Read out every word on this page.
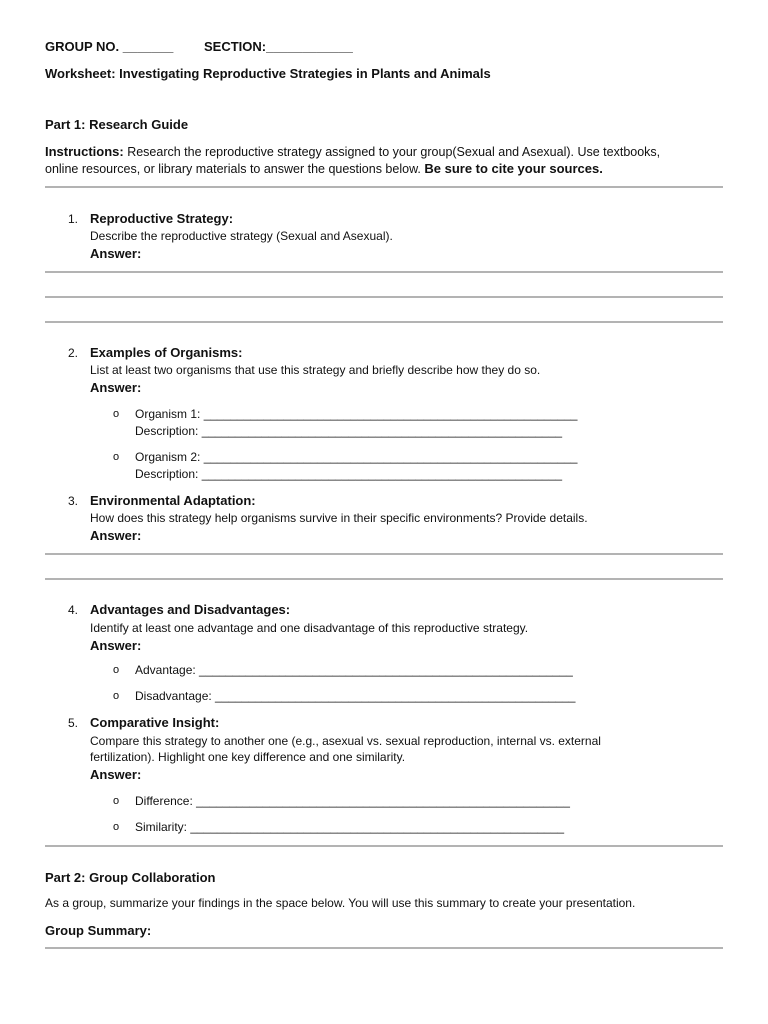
GROUP NO. _______ SECTION:____________
Worksheet: Investigating Reproductive Strategies in Plants and Animals
Part 1: Research Guide
Instructions: Research the reproductive strategy assigned to your group(Sexual and Asexual). Use textbooks,
online resources, or library materials to answer the questions below. Be sure to cite your sources.
1. Reproductive Strategy:
Describe the reproductive strategy (Sexual and Asexual).
Answer:
2. Examples of Organisms:
List at least two organisms that use this strategy and briefly describe how they do so.
Answer:
o Organism 1: ________________________________________________________
Description: ______________________________________________________
o Organism 2: ________________________________________________________
Description: ______________________________________________________
3. Environmental Adaptation:
How does this strategy help organisms survive in their specific environments? Provide details.
Answer:
4. Advantages and Disadvantages:
Identify at least one advantage and one disadvantage of this reproductive strategy.
Answer:
o Advantage: ________________________________________________________
o Disadvantage: ______________________________________________________
5. Comparative Insight:
Compare this strategy to another one (e.g., asexual vs. sexual reproduction, internal vs. external
fertilization). Highlight one key difference and one similarity.
Answer:
o Difference: ________________________________________________________
o Similarity: ________________________________________________________
Part 2: Group Collaboration
As a group, summarize your findings in the space below. You will use this summary to create your presentation.
Group Summary:
